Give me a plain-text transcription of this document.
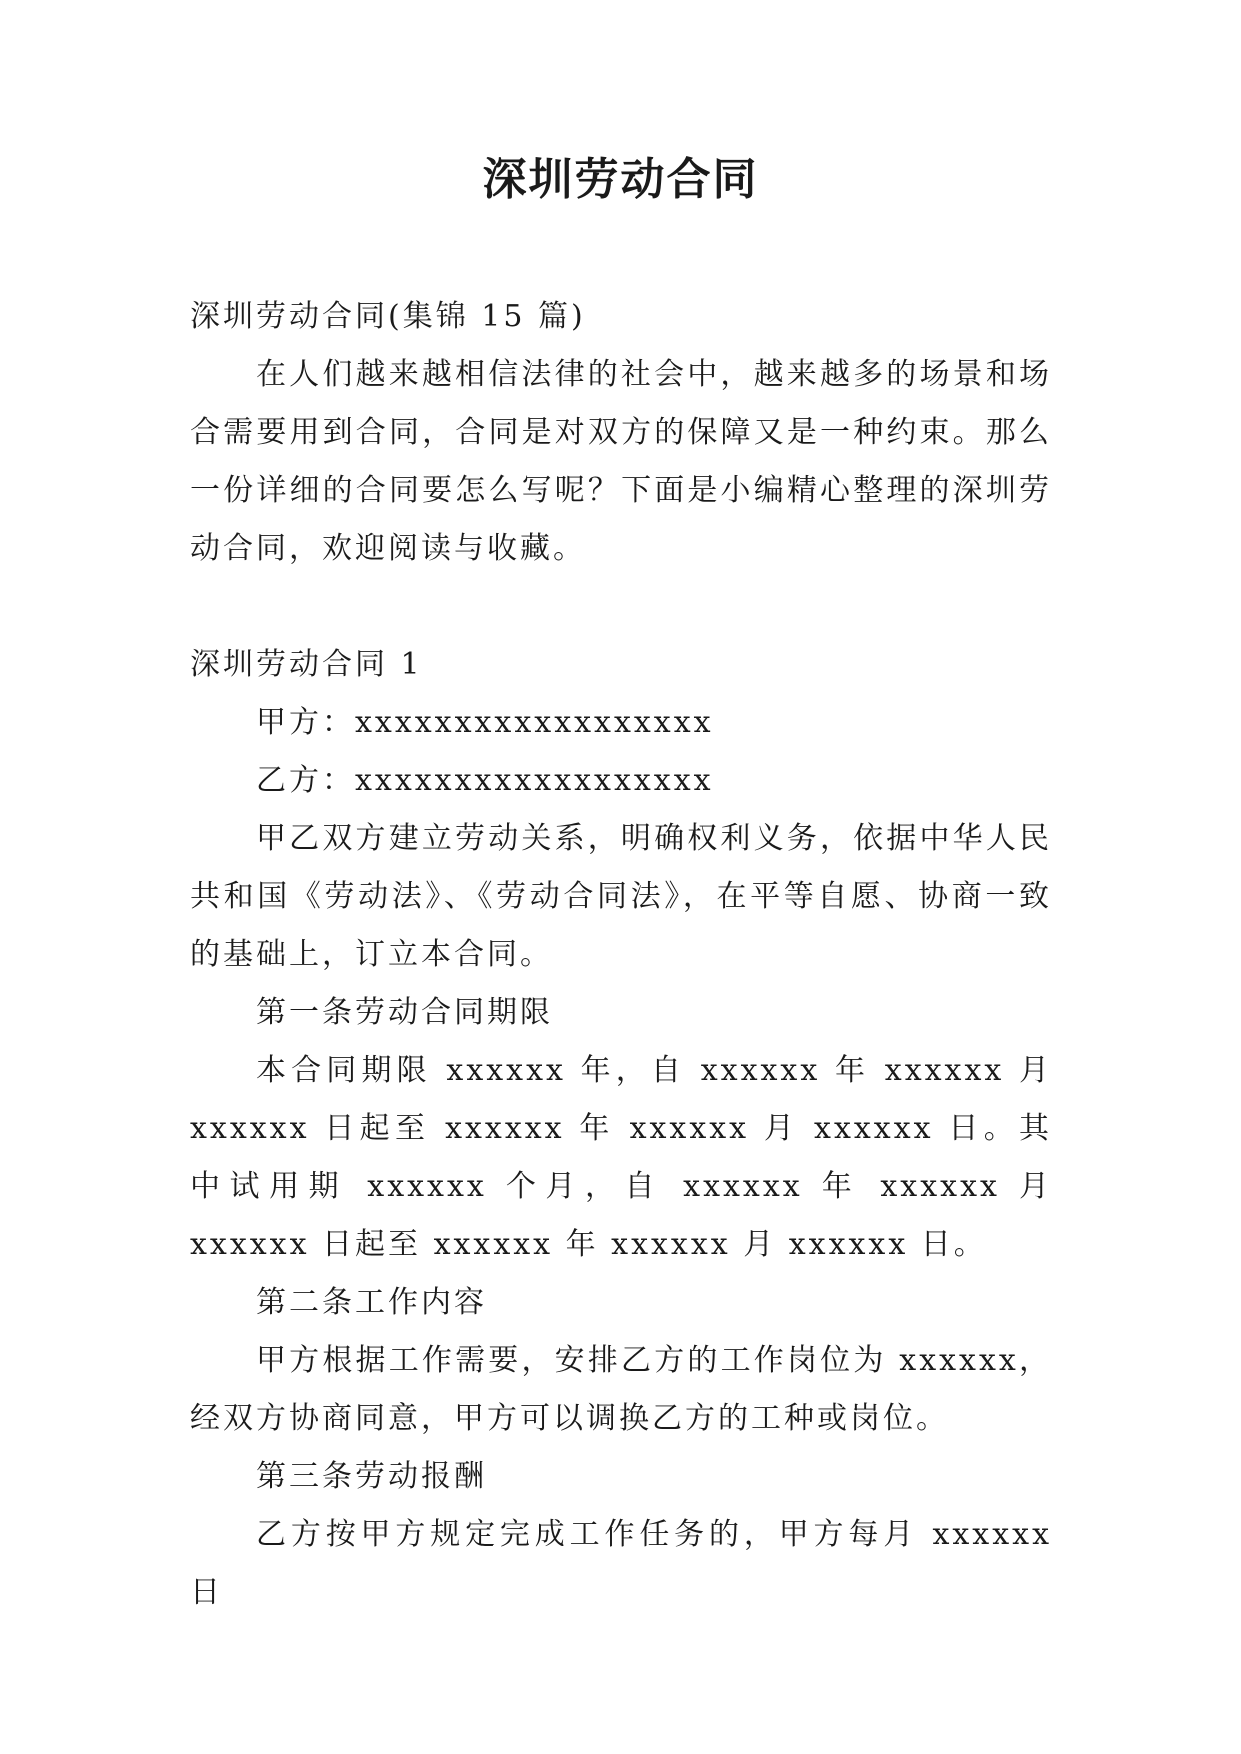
深圳劳动合同

深圳劳动合同(集锦 15 篇)

在人们越来越相信法律的社会中，越来越多的场景和场合需要用到合同，合同是对双方的保障又是一种约束。那么一份详细的合同要怎么写呢？下面是小编精心整理的深圳劳动合同，欢迎阅读与收藏。

深圳劳动合同 1

甲方：xxxxxxxxxxxxxxxxxx

乙方：xxxxxxxxxxxxxxxxxx

甲乙双方建立劳动关系，明确权利义务，依据中华人民共和国《劳动法》、《劳动合同法》，在平等自愿、协商一致的基础上，订立本合同。

第一条劳动合同期限

本合同期限 xxxxxx 年，自 xxxxxx 年 xxxxxx 月 xxxxxx 日起至 xxxxxx 年 xxxxxx 月 xxxxxx 日。其中试用期 xxxxxx 个月，自 xxxxxx 年 xxxxxx 月 xxxxxx 日起至 xxxxxx 年 xxxxxx 月 xxxxxx 日。

第二条工作内容

甲方根据工作需要，安排乙方的工作岗位为 xxxxxx，经双方协商同意，甲方可以调换乙方的工种或岗位。

第三条劳动报酬

乙方按甲方规定完成工作任务的，甲方每月 xxxxxx 日
